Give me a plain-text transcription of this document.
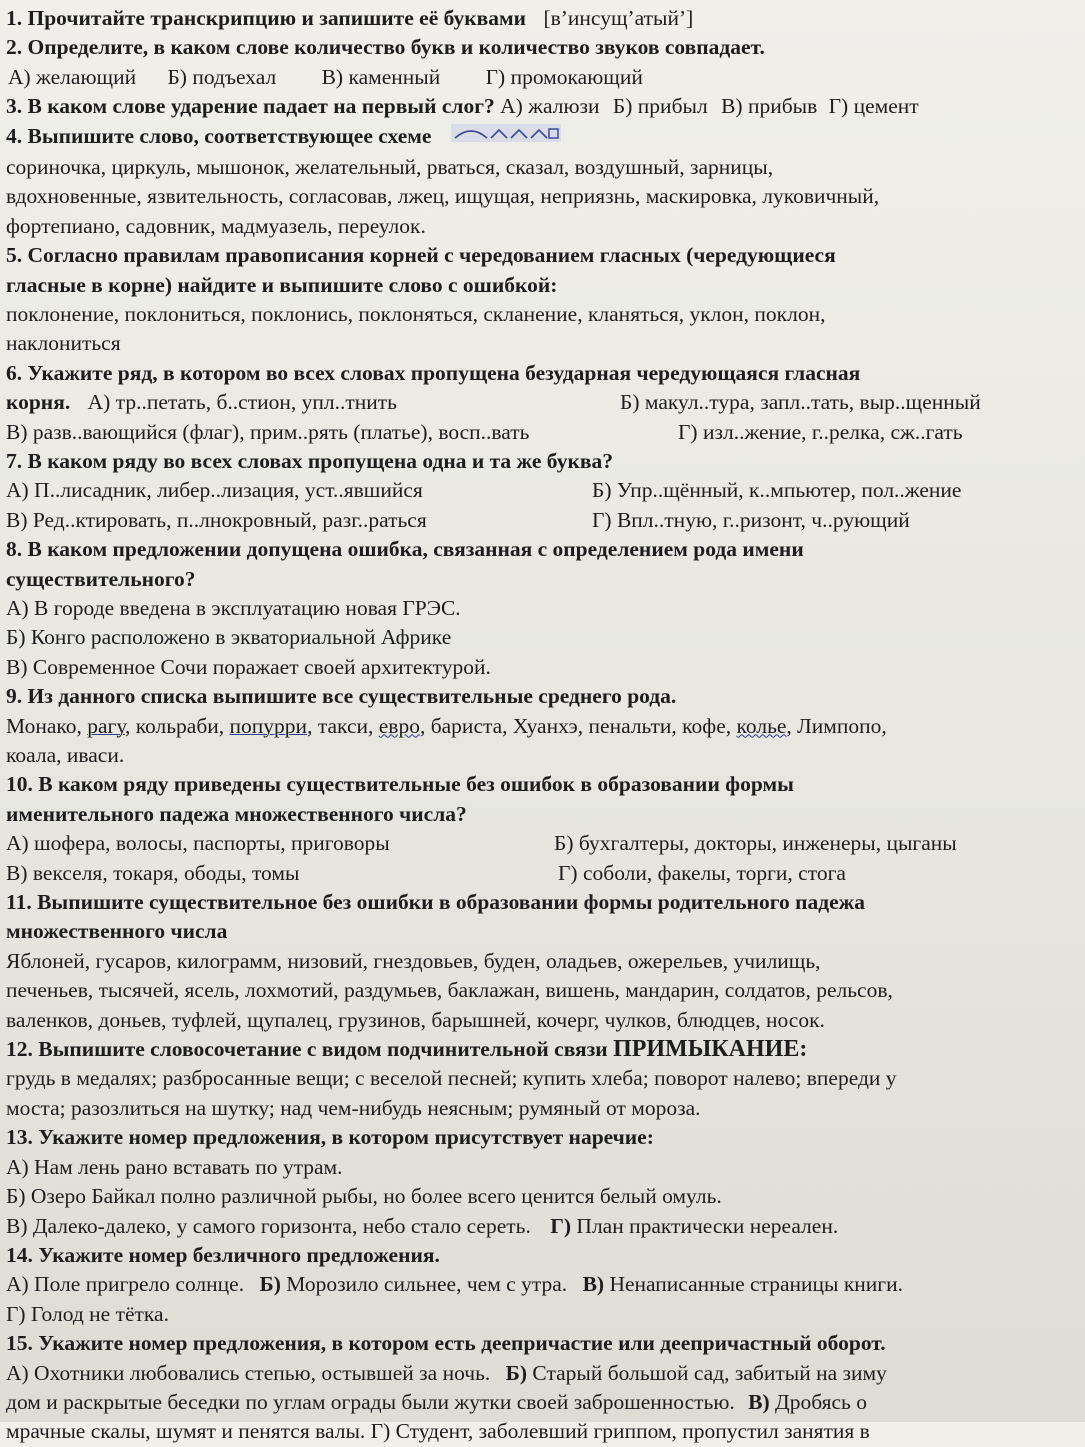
1. Прочитайте транскрипцию и запишите её буквами [в’инсущ’атый’]
2. Определите, в каком слове количество букв и количество звуков совпадает.
А) желающий Б) подъехал В) каменный Г) промокающий
3. В каком слове ударение падает на первый слог? А) жалюзи Б) прибыл В) прибыв Г) цемент
4. Выпишите слово, соответствующее схеме
сориночка, циркуль, мышонок, желательный, рваться, сказал, воздушный, зарницы,
вдохновенные, язвительность, согласовав, лжец, ищущая, неприязнь, маскировка, луковичный,
фортепиано, садовник, мадмуазель, переулок.
5. Согласно правилам правописания корней с чередованием гласных (чередующиеся
гласные в корне) найдите и выпишите слово с ошибкой:
поклонение, поклониться, поклонись, поклоняться, скланение, кланяться, уклон, поклон,
наклониться
6. Укажите ряд, в котором во всех словах пропущена безударная чередующаяся гласная
корня. А) тр..петать, б..стион, упл..тнить	Б) макул..тура, запл..тать, выр..щенный
В) разв..вающийся (флаг), прим..рять (платье), восп..вать	Г) изл..жение, г..релка, сж..гать
7. В каком ряду во всех словах пропущена одна и та же буква?
А) П..лисадник, либер..лизация, уст..явшийся	Б) Упр..щённый, к..мпьютер, пол..жение
В) Ред..ктировать, п..лнокровный, разг..раться	Г) Впл..тную, г..ризонт, ч..рующий
8. В каком предложении допущена ошибка, связанная с определением рода имени
существительного?
А) В городе введена в эксплуатацию новая ГРЭС.
Б) Конго расположено в экваториальной Африке
В) Современное Сочи поражает своей архитектурой.
9. Из данного списка выпишите все существительные среднего рода.
Монако, рагу, кольраби, попурри, такси, евро, бариста, Хуанхэ, пенальти, кофе, колье, Лимпопо,
коала, иваси.
10. В каком ряду приведены существительные без ошибок в образовании формы
именительного падежа множественного числа?
А) шофера, волосы, паспорты, приговоры	Б) бухгалтеры, докторы, инженеры, цыганы
В) векселя, токаря, ободы, томы	Г) соболи, факелы, торги, стога
11. Выпишите существительное без ошибки в образовании формы родительного падежа
множественного числа
Яблоней, гусаров, килограмм, низовий, гнездовьев, буден, оладьев, ожерельев, училищь,
печеньев, тысячей, ясель, лохмотий, раздумьев, баклажан, вишень, мандарин, солдатов, рельсов,
валенков, доньев, туфлей, щупалец, грузинов, барышней, кочерг, чулков, блюдцев, носок.
12. Выпишите словосочетание с видом подчинительной связи ПРИМЫКАНИЕ:
грудь в медалях; разбросанные вещи; с веселой песней; купить хлеба; поворот налево; впереди у
моста; разозлиться на шутку; над чем-нибудь неясным; румяный от мороза.
13. Укажите номер предложения, в котором присутствует наречие:
А) Нам лень рано вставать по утрам.
Б) Озеро Байкал полно различной рыбы, но более всего ценится белый омуль.
В) Далеко-далеко, у самого горизонта, небо стало сереть. Г) План практически нереален.
14. Укажите номер безличного предложения.
А) Поле пригрело солнце. Б) Морозило сильнее, чем с утра. В) Ненаписанные страницы книги.
Г) Голод не тётка.
15. Укажите номер предложения, в котором есть деепричастие или деепричастный оборот.
А) Охотники любовались степью, остывшей за ночь. Б) Старый большой сад, забитый на зиму
дом и раскрытые беседки по углам ограды были жутки своей заброшенностью. В) Дробясь о
мрачные скалы, шумят и пенятся валы. Г) Студент, заболевший гриппом, пропустил занятия в
